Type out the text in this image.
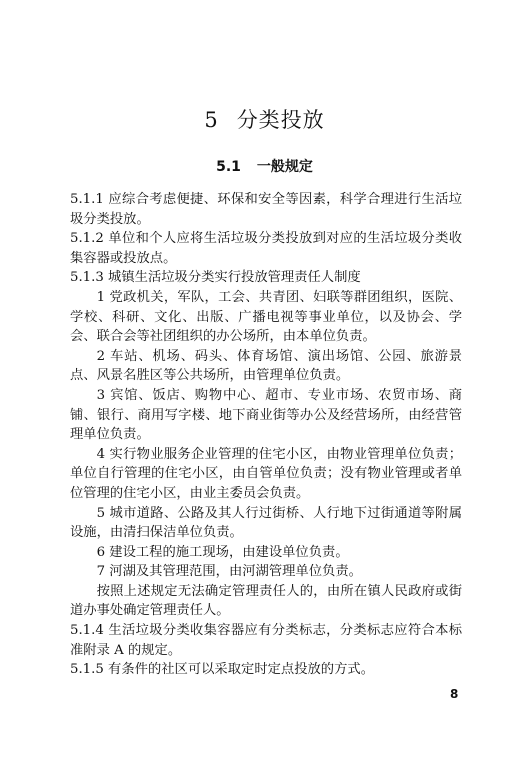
5 分类投放
5.1 一般规定

5.1.1 应综合考虑便捷、环保和安全等因素，科学合理进行生活垃圾分类投放。

5.1.2 单位和个人应将生活垃圾分类投放到对应的生活垃圾分类收集容器或投放点。

5.1.3 城镇生活垃圾分类实行投放管理责任人制度

1 党政机关，军队，工会、共青团、妇联等群团组织，医院、学校、科研、文化、出版、广播电视等事业单位，以及协会、学会、联合会等社团组织的办公场所，由本单位负责。

2 车站、机场、码头、体育场馆、演出场馆、公园、旅游景点、风景名胜区等公共场所，由管理单位负责。

3 宾馆、饭店、购物中心、超市、专业市场、农贸市场、商铺、银行、商用写字楼、地下商业街等办公及经营场所，由经营管理单位负责。

4 实行物业服务企业管理的住宅小区，由物业管理单位负责；单位自行管理的住宅小区，由自管单位负责；没有物业管理或者单位管理的住宅小区，由业主委员会负责。

5 城市道路、公路及其人行过街桥、人行地下过街通道等附属设施，由清扫保洁单位负责。

6 建设工程的施工现场，由建设单位负责。

7 河湖及其管理范围，由河湖管理单位负责。

按照上述规定无法确定管理责任人的，由所在镇人民政府或街道办事处确定管理责任人。

5.1.4 生活垃圾分类收集容器应有分类标志，分类标志应符合本标准附录 A 的规定。

5.1.5 有条件的社区可以采取定时定点投放的方式。

8
